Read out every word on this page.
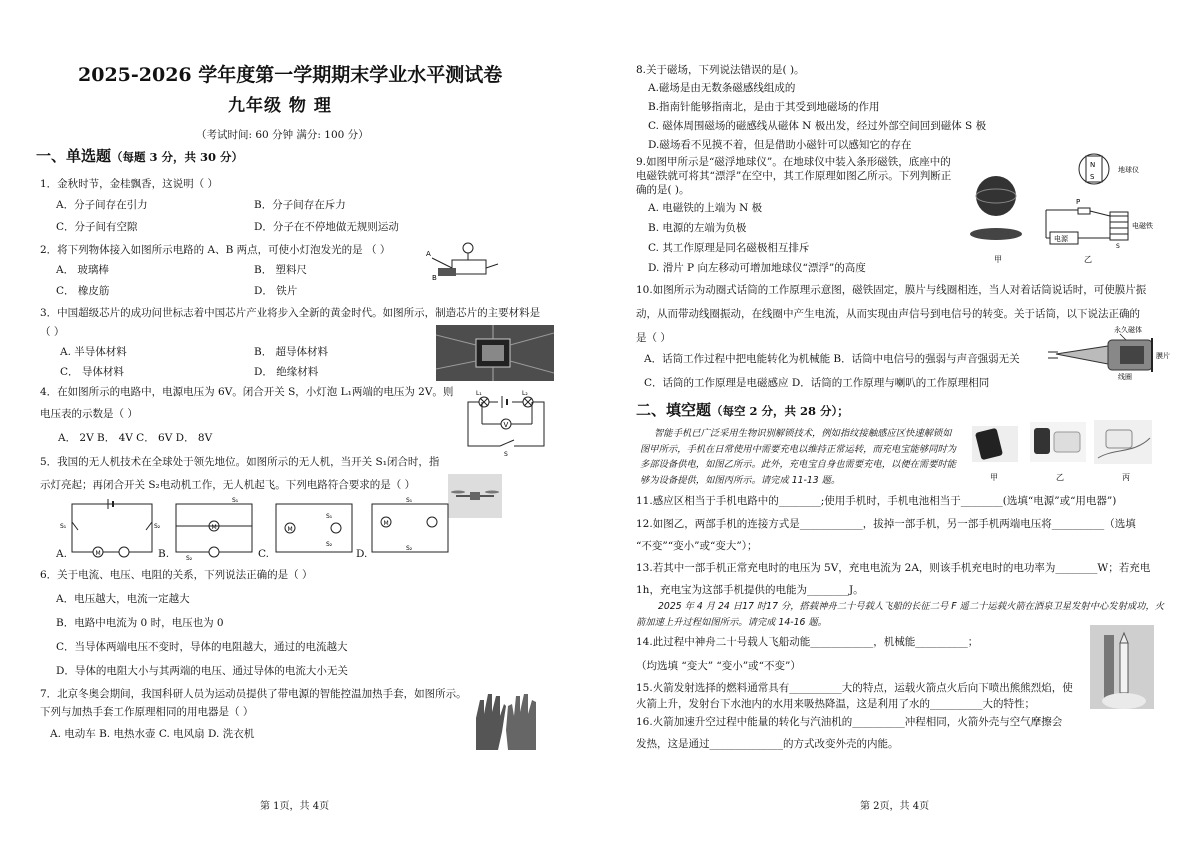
2025-2026 学年度第一学期期末学业水平测试卷
九年级 物 理
（考试时间: 60 分钟 满分: 100 分）
一、单选题（每题 3 分，共 30 分）
1．金秋时节，金桂飘香，这说明（ ）
A．分子间存在引力	B．分子间存在斥力
C．分子间有空隙	D．分子在不停地做无规则运动
2．将下列物体接入如图所示电路的 A、B 两点，可使小灯泡发光的是 （ ）
A． 玻璃棒	B． 塑料尺
C． 橡皮筋	D． 铁片
A
B
3．中国超级芯片的成功问世标志着中国芯片产业将步入全新的黄金时代。如图所示，制造芯片的主要材料是
（ ）
A. 半导体材料	B． 超导体材料
C． 导体材料	D． 绝缘材料
4．在如图所示的电路中，电源电压为 6V。闭合开关 S，小灯泡 L₁两端的电压为 2V。则
电压表的示数是（ ）
A． 2V B． 4V C． 6V D． 8V
V
L₁	L₂
S
5．我国的无人机技术在全球处于领先地位。如图所示的无人机，当开关 S₁闭合时，指
示灯亮起；再闭合开关 S₂电动机工作，无人机起飞。下列电路符合要求的是（ ）
M
S₁	S₂	M
S₁
S₂
M
S₁
S₂
M
S₁
S₂
A.	B.	C.	D.
6．关于电流、电压、电阻的关系，下列说法正确的是（ ）
A．电压越大，电流一定越大
B．电路中电流为 0 时，电压也为 0
C．当导体两端电压不变时，导体的电阻越大，通过的电流越大
D．导体的电阻大小与其两端的电压、通过导体的电流大小无关
7．北京冬奥会期间，我国科研人员为运动员提供了带电源的智能控温加热手套，如图所示。
下列与加热手套工作原理相同的用电器是（ ）
A. 电动车 B. 电热水壶 C. 电风扇 D. 洗衣机
第 1页，共 4页
8.关于磁场，下列说法错误的是( )。
A.磁场是由无数条磁感线组成的
B.指南针能够指南北，是由于其受到地磁场的作用
C. 磁体周围磁场的磁感线从磁体 N 极出发，经过外部空间回到磁体 S 极
D.磁场看不见摸不着，但是借助小磁针可以感知它的存在
9.如图甲所示是“磁浮地球仪”。在地球仪中装入条形磁铁，底座中的
电磁铁就可将其“漂浮”在空中，其工作原理如图乙所示。下列判断正
确的是( )。
A. 电磁铁的上端为 N 极
B. 电源的左端为负极
C. 其工作原理是同名磁极相互排斥
D. 滑片 P 向左移动可增加地球仪“漂浮”的高度
甲
N
S
地球仪
P
电源
电磁铁
S
乙
10.如图所示为动圈式话筒的工作原理示意图，磁铁固定，膜片与线圈相连，当人对着话筒说话时，可使膜片振
动，从而带动线圈振动，在线圈中产生电流，从而实现由声信号到电信号的转变。关于话筒，以下说法正确的
是（ ）
A．话筒工作过程中把电能转化为机械能 B．话筒中电信号的强弱与声音强弱无关
C．话筒的工作原理是电磁感应 D．话筒的工作原理与喇叭的工作原理相同
永久磁体
膜片
线圈
二、填空题（每空 2 分，共 28 分）；
智能手机已广泛采用生物识别解锁技术，例如指纹接触感应区快速解锁如图甲所示，手机在日常使用中需要充电以维持正常运转，而充电宝能够同时为多部设备供电，如图乙所示。此外，充电宝自身也需要充电，以便在需要时能够为设备提供，如图丙所示。请完成 11-13 题。	甲	乙	丙
11.感应区相当于手机电路中的________;使用手机时，手机电池相当于________(选填“电源”或“用电器”)
12.如图乙，两部手机的连接方式是____________，拔掉一部手机，另一部手机两端电压将__________（选填
“不变”“变小”或“变大”）；
13.若其中一部手机正常充电时的电压为 5V，充电电流为 2A，则该手机充电时的电功率为________W；若充电
1h，充电宝为这部手机提供的电能为________J。
2025 年 4 月 24 日17 时17 分，搭载神舟二十号载人飞船的长征二号 F 遥二十运载火箭在酒泉卫星发射中心发射成功，火箭加速上升过程如图所示。请完成 14-16 题。
14.此过程中神舟二十号载人飞船动能____________，机械能__________；
（均选填 “变大” “变小”或“不变”）
15.火箭发射选择的燃料通常具有__________大的特点，运载火箭点火后向下喷出熊熊烈焰，使
火箭上升，发射台下水池内的水用来吸热降温，这是利用了水的__________大的特性；
16.火箭加速升空过程中能量的转化与汽油机的__________冲程相同，火箭外壳与空气摩擦会
发热，这是通过______________的方式改变外壳的内能。
第 2页，共 4页
